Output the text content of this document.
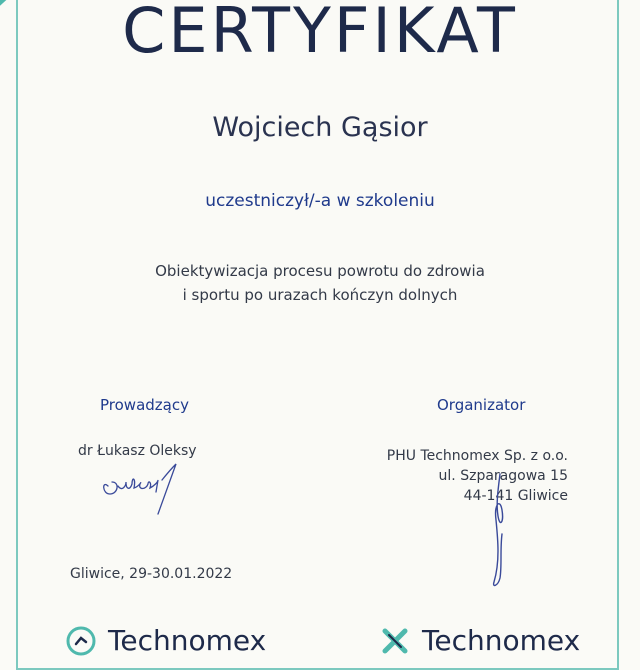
CERTYFIKAT
Wojciech Gąsior
uczestniczył/-a w szkoleniu
Obiektywizacja procesu powrotu do zdrowia
i sportu po urazach kończyn dolnych
Prowadzący	Organizator
dr Łukasz Oleksy	PHU Technomex Sp. z o.o.
ul. Szparagowa 15
44-141 Gliwice
Gliwice, 29-30.01.2022
Technomex	Technomex
